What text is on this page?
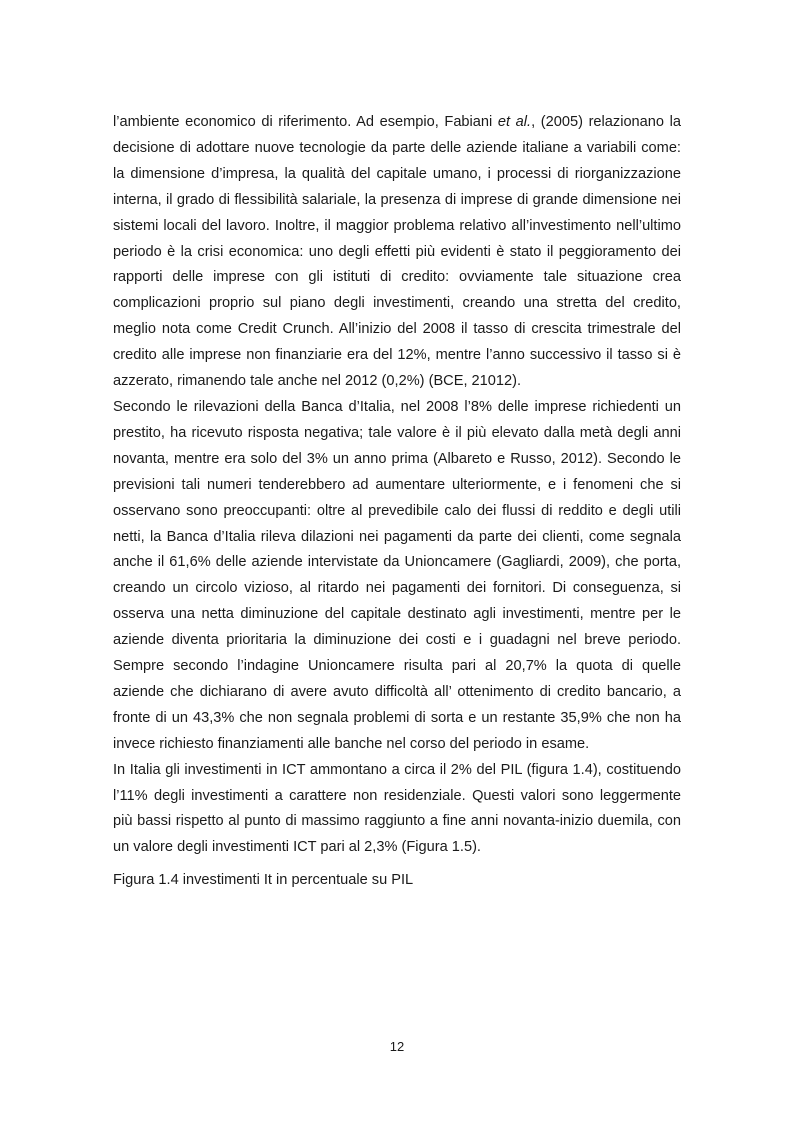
l’ambiente economico di riferimento. Ad esempio, Fabiani et al., (2005) relazionano la decisione di adottare nuove tecnologie da parte delle aziende italiane a variabili come: la dimensione d’impresa, la qualità del capitale umano, i processi di riorganizzazione interna, il grado di flessibilità salariale, la presenza di imprese di grande dimensione nei sistemi locali del lavoro. Inoltre, il maggior problema relativo all’investimento nell’ultimo periodo è la crisi economica: uno degli effetti più evidenti è stato il peggioramento dei rapporti delle imprese con gli istituti di credito: ovviamente tale situazione crea complicazioni proprio sul piano degli investimenti, creando una stretta del credito, meglio nota come Credit Crunch. All’inizio del 2008 il tasso di crescita trimestrale del credito alle imprese non finanziarie era del 12%, mentre l’anno successivo il tasso si è azzerato, rimanendo tale anche nel 2012 (0,2%) (BCE, 21012).

Secondo le rilevazioni della Banca d’Italia, nel 2008 l’8% delle imprese richiedenti un prestito, ha ricevuto risposta negativa; tale valore è il più elevato dalla metà degli anni novanta, mentre era solo del 3% un anno prima (Albareto e Russo, 2012). Secondo le previsioni tali numeri tenderebbero ad aumentare ulteriormente, e i fenomeni che si osservano sono preoccupanti: oltre al prevedibile calo dei flussi di reddito e degli utili netti, la Banca d’Italia rileva dilazioni nei pagamenti da parte dei clienti, come segnala anche il 61,6% delle aziende intervistate da Unioncamere (Gagliardi, 2009), che porta, creando un circolo vizioso, al ritardo nei pagamenti dei fornitori. Di conseguenza, si osserva una netta diminuzione del capitale destinato agli investimenti, mentre per le aziende diventa prioritaria la diminuzione dei costi e i guadagni nel breve periodo. Sempre secondo l’indagine Unioncamere risulta pari al 20,7% la quota di quelle aziende che dichiarano di avere avuto difficoltà all’ ottenimento di credito bancario, a fronte di un 43,3% che non segnala problemi di sorta e un restante 35,9% che non ha invece richiesto finanziamenti alle banche nel corso del periodo in esame.

In Italia gli investimenti in ICT ammontano a circa il 2% del PIL (figura 1.4), costituendo l’11% degli investimenti a carattere non residenziale. Questi valori sono leggermente più bassi rispetto al punto di massimo raggiunto a fine anni novanta-inizio duemila, con un valore degli investimenti ICT pari al 2,3% (Figura 1.5).

Figura 1.4 investimenti It in percentuale su PIL

12
